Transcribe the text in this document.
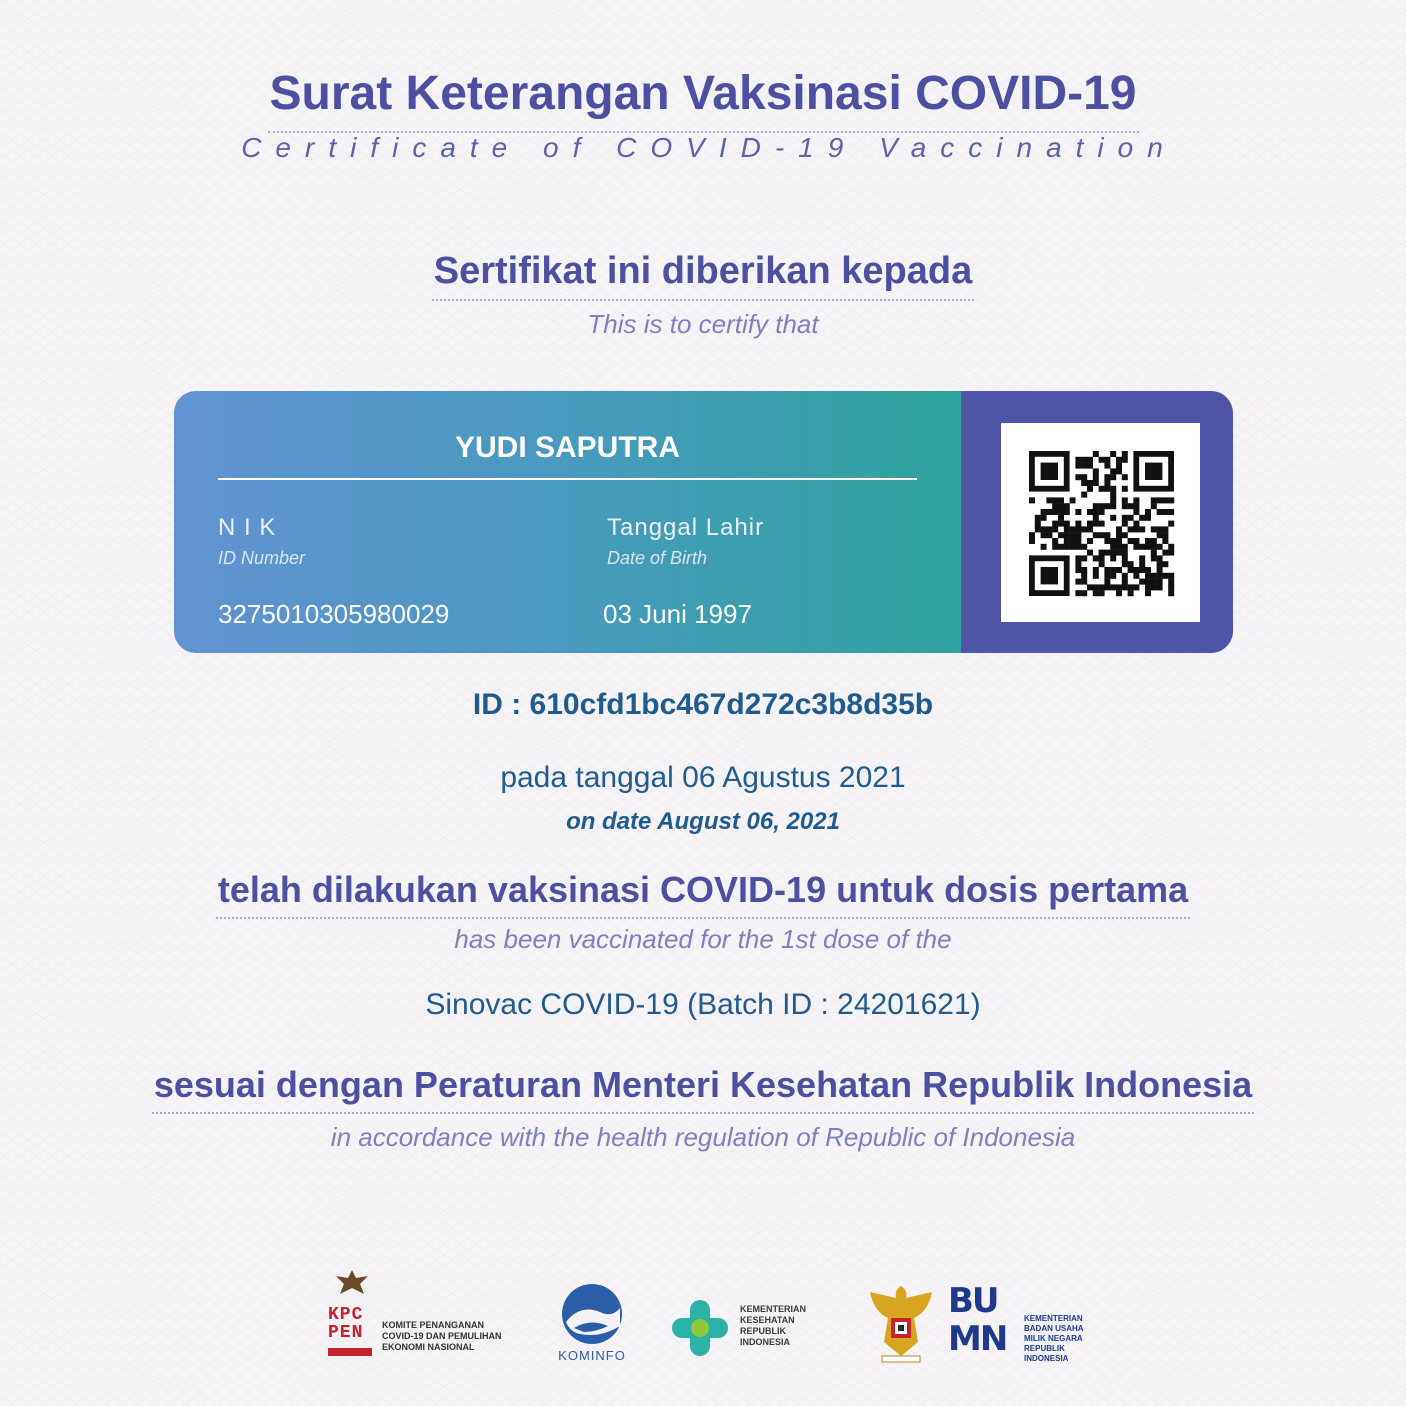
Surat Keterangan Vaksinasi COVID-19
Certificate of COVID-19 Vaccination
Sertifikat ini diberikan kepada
This is to certify that
YUDI SAPUTRA
N I K
ID Number
3275010305980029
Tanggal Lahir
Date of Birth
03 Juni 1997
ID : 610cfd1bc467d272c3b8d35b
pada tanggal 06 Agustus 2021
on date August 06, 2021
telah dilakukan vaksinasi COVID-19 untuk dosis pertama
has been vaccinated for the 1st dose of the
Sinovac COVID-19 (Batch ID : 24201621)
sesuai dengan Peraturan Menteri Kesehatan Republik Indonesia
in accordance with the health regulation of Republic of Indonesia
KPC PEN	KOMITE PENANGANAN
COVID-19 DAN PEMULIHAN
EKONOMI NASIONAL
KOMINFO
KEMENTERIAN
KESEHATAN
REPUBLIK
INDONESIA
BUMN
KEMENTERIAN
BADAN USAHA
MILIK NEGARA
REPUBLIK
INDONESIA
